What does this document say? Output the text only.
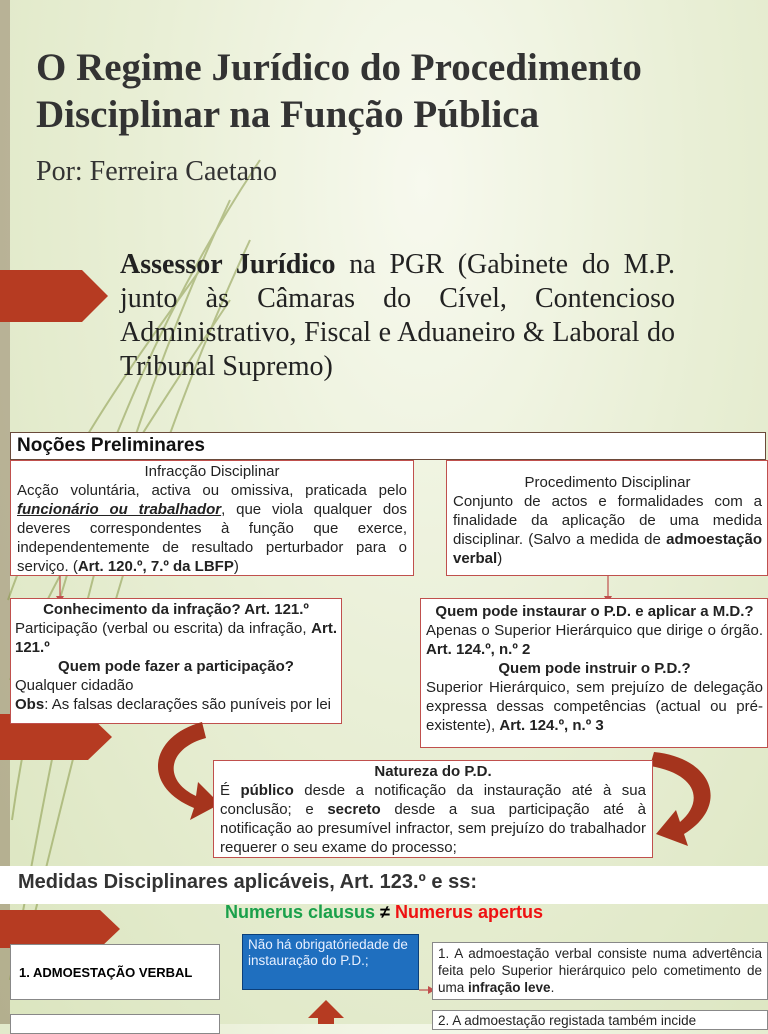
O Regime Jurídico do Procedimento
Disciplinar na Função Pública
Por: Ferreira Caetano
Assessor Jurídico na PGR (Gabinete do M.P. junto às Câmaras do Cível, Contencioso Administrativo, Fiscal e Aduaneiro & Laboral do
Tribunal Supremo)
Noções Preliminares
Infracção Disciplinar
Acção voluntária, activa ou omissiva, praticada pelo funcionário ou trabalhador, que viola qualquer dos deveres correspondentes à função que exerce, independentemente de resultado perturbador para o serviço. (Art. 120.º, 7.º da LBFP)
Procedimento Disciplinar
Conjunto de actos e formalidades com a finalidade da aplicação de uma medida disciplinar. (Salvo a medida de admoestação verbal)
Conhecimento da infração? Art. 121.º
Participação (verbal ou escrita) da infração, Art. 121.º
Quem pode fazer a participação?
Qualquer cidadão
Obs: As falsas declarações são puníveis por lei
Quem pode instaurar o P.D. e aplicar a M.D.?
Apenas o Superior Hierárquico que dirige o órgão. Art. 124.º, n.º 2
Quem pode instruir o P.D.?
Superior Hierárquico, sem prejuízo de delegação expressa dessas competências (actual ou pré-existente), Art. 124.º, n.º 3
Natureza do P.D.
É público desde a notificação da instauração até à sua conclusão; e secreto desde a sua participação até à notificação ao presumível infractor, sem prejuízo do trabalhador requerer o seu exame do processo;
Medidas Disciplinares aplicáveis, Art. 123.º e ss:
Numerus clausus ≠ Numerus apertus
1. ADMOESTAÇÃO VERBAL
Não há obrigatóriedade de instauração do P.D.;	1. A admoestação verbal consiste numa advertência feita pelo Superior hierárquico pelo cometimento de uma infração leve.
2. A admoestação registada também incide
